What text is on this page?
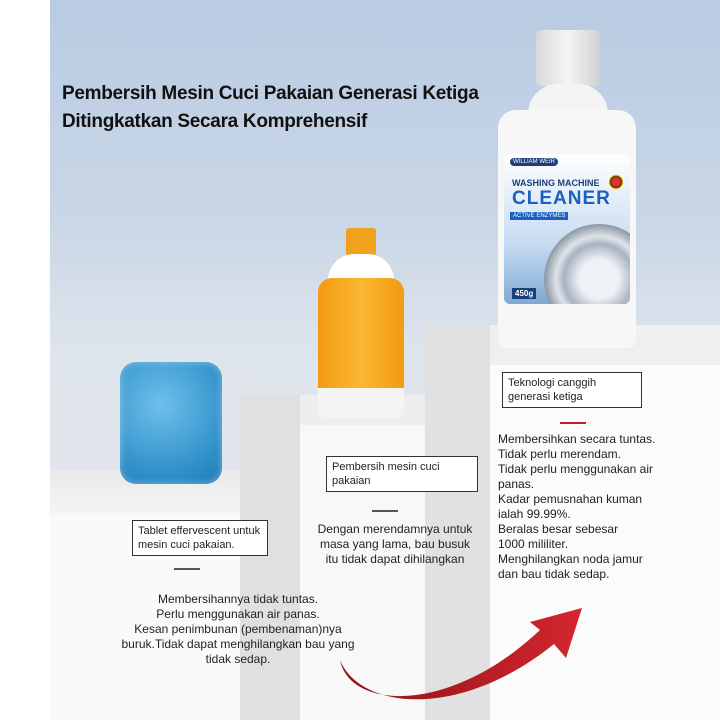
Pembersih Mesin Cuci Pakaian Generasi Ketiga
Ditingkatkan Secara Komprehensif
WILLIAM WEIR
WASHING MACHINE
CLEANER
ACTIVE ENZYMES
450g
Tablet effervescent untuk mesin cuci pakaian.
Pembersih mesin cuci pakaian
Teknologi canggih generasi ketiga
Membersihannya tidak tuntas.
Perlu menggunakan air panas.
Kesan penimbunan (pembenaman)nya
buruk.Tidak dapat menghilangkan bau yang
tidak sedap.
Dengan merendamnya untuk
masa yang lama, bau busuk
itu tidak dapat dihilangkan
Membersihkan secara tuntas.
Tidak perlu merendam.
Tidak perlu menggunakan air
panas.
Kadar pemusnahan kuman
ialah 99.99%.
Beralas besar sebesar
1000 mililiter.
Menghilangkan noda jamur
dan bau tidak sedap.
